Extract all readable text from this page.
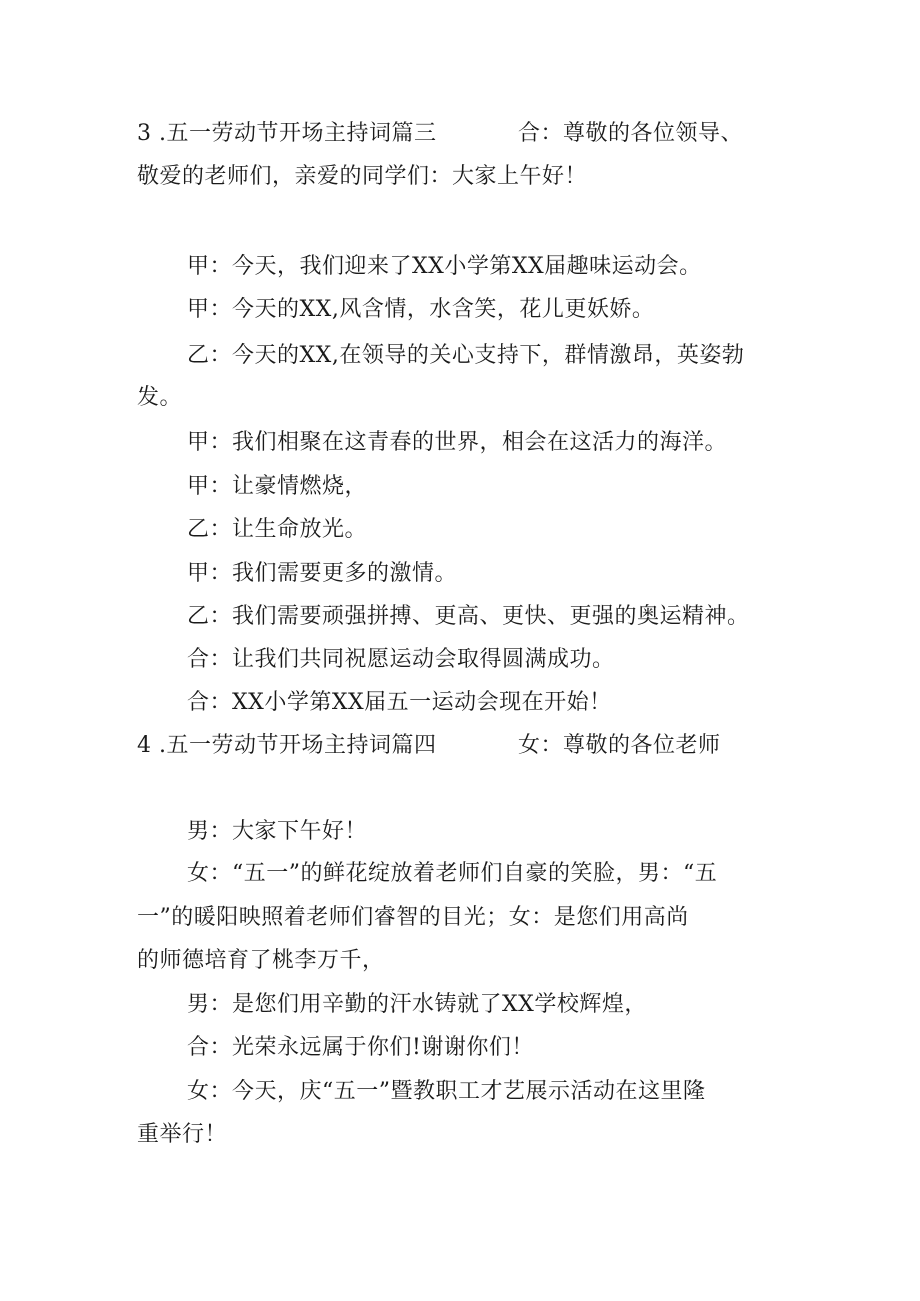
3 .五一劳动节开场主持词篇三	合：尊敬的各位领导、
敬爱的老师们，亲爱的同学们：大家上午好！
甲：今天，我们迎来了XX小学第XX届趣味运动会。
甲：今天的XX,风含情，水含笑，花儿更妖娇。
乙：今天的XX,在领导的关心支持下，群情激昂，英姿勃
发。
甲：我们相聚在这青春的世界，相会在这活力的海洋。
甲：让豪情燃烧，
乙：让生命放光。
甲：我们需要更多的激情。
乙：我们需要顽强拼搏、更高、更快、更强的奥运精神。
合：让我们共同祝愿运动会取得圆满成功。
合：XX小学第XX届五一运动会现在开始！
4 .五一劳动节开场主持词篇四	女：尊敬的各位老师
男：大家下午好！
女：“五一”的鲜花绽放着老师们自豪的笑脸，男：“五
一”的暖阳映照着老师们睿智的目光；女：是您们用高尚
的师德培育了桃李万千，
男：是您们用辛勤的汗水铸就了XX学校辉煌，
合：光荣永远属于你们!谢谢你们！
女：今天，庆“五一”暨教职工才艺展示活动在这里隆
重举行！
